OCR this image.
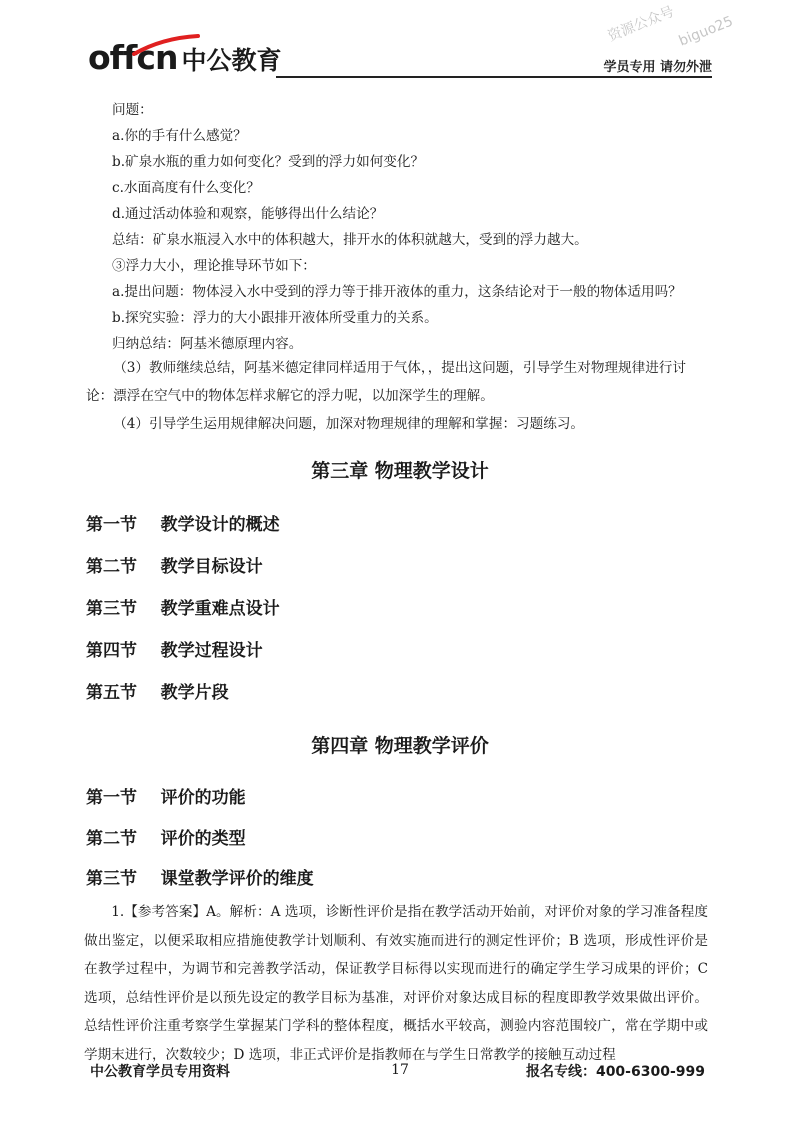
offcn 中公教育	学员专用 请勿外泄
资源公众号 biguo25
问题：
a.你的手有什么感觉？
b.矿泉水瓶的重力如何变化？受到的浮力如何变化？
c.水面高度有什么变化？
d.通过活动体验和观察，能够得出什么结论？
总结：矿泉水瓶浸入水中的体积越大，排开水的体积就越大，受到的浮力越大。
③浮力大小，理论推导环节如下：
a.提出问题：物体浸入水中受到的浮力等于排开液体的重力，这条结论对于一般的物体适用吗？
b.探究实验：浮力的大小跟排开液体所受重力的关系。
归纳总结：阿基米德原理内容。
（3）教师继续总结，阿基米德定律同样适用于气体，，提出这问题，引导学生对物理规律进行讨论：漂浮在空气中的物体怎样求解它的浮力呢，以加深学生的理解。
（4）引导学生运用规律解决问题，加深对物理规律的理解和掌握：习题练习。
第三章 物理教学设计
第一节    教学设计的概述
第二节    教学目标设计
第三节    教学重难点设计
第四节    教学过程设计
第五节    教学片段
第四章 物理教学评价
第一节    评价的功能
第二节    评价的类型
第三节    课堂教学评价的维度
1.【参考答案】A。解析：A 选项，诊断性评价是指在教学活动开始前，对评价对象的学习准备程度做出鉴定，以便采取相应措施使教学计划顺利、有效实施而进行的测定性评价；B 选项，形成性评价是在教学过程中，为调节和完善教学活动，保证教学目标得以实现而进行的确定学生学习成果的评价；C 选项，总结性评价是以预先设定的教学目标为基准，对评价对象达成目标的程度即教学效果做出评价。总结性评价注重考察学生掌握某门学科的整体程度，概括水平较高，测验内容范围较广，常在学期中或学期末进行，次数较少；D 选项，非正式评价是指教师在与学生日常教学的接触互动过程
中公教育学员专用资料	17	报名专线：400-6300-999
